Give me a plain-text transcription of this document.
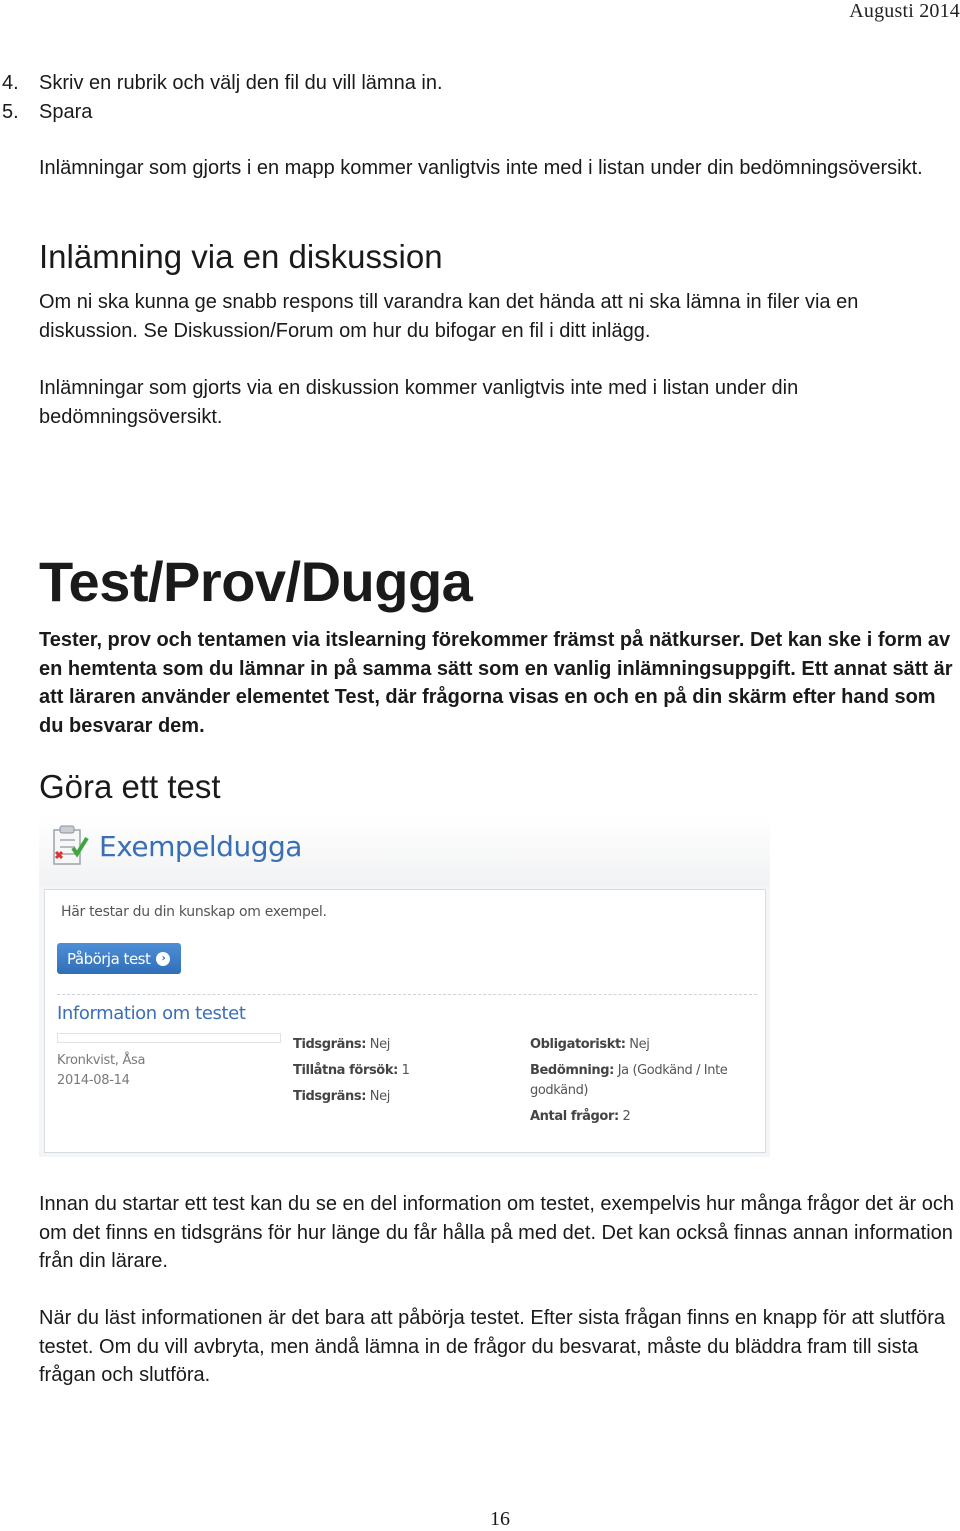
Augusti 2014
4.	Skriv en rubrik och välj den fil du vill lämna in.
5.	Spara
Inlämningar som gjorts i en mapp kommer vanligtvis inte med i listan under din bedömningsöversikt.
Inlämning via en diskussion
Om ni ska kunna ge snabb respons till varandra kan det hända att ni ska lämna in filer via en diskussion. Se Diskussion/Forum om hur du bifogar en fil i ditt inlägg.
Inlämningar som gjorts via en diskussion kommer vanligtvis inte med i listan under din bedömningsöversikt.
Test/Prov/Dugga
Tester, prov och tentamen via itslearning förekommer främst på nätkurser. Det kan ske i form av en hemtenta som du lämnar in på samma sätt som en vanlig inlämningsuppgift. Ett annat sätt är att läraren använder elementet Test, där frågorna visas en och en på din skärm efter hand som du besvarar dem.
Göra ett test
Exempeldugga
Här testar du din kunskap om exempel.
Påbörja test	›
Information om testet
Kronkvist, Åsa
2014-08-14
Tidsgräns: Nej
Tillåtna försök: 1
Tidsgräns: Nej
Obligatoriskt: Nej
Bedömning: Ja (Godkänd / Inte
godkänd)
Antal frågor: 2
Innan du startar ett test kan du se en del information om testet, exempelvis hur många frågor det är och om det finns en tidsgräns för hur länge du får hålla på med det. Det kan också finnas annan information från din lärare.
När du läst informationen är det bara att påbörja testet. Efter sista frågan finns en knapp för att slutföra testet. Om du vill avbryta, men ändå lämna in de frågor du besvarat, måste du bläddra fram till sista frågan och slutföra.
16
